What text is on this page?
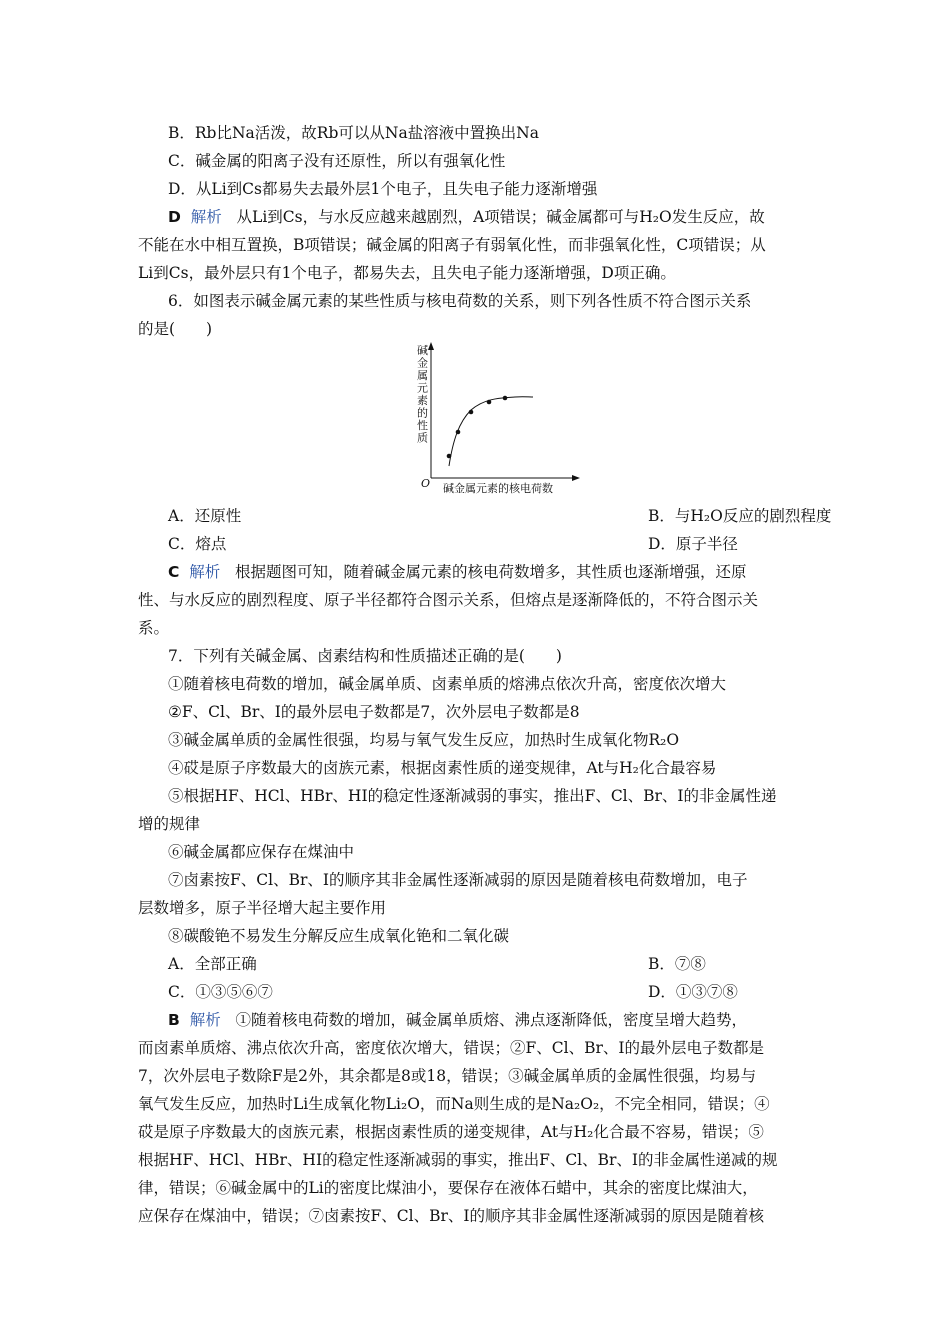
B．Rb比Na活泼，故Rb可以从Na盐溶液中置换出Na
C．碱金属的阳离子没有还原性，所以有强氧化性
D．从Li到Cs都易失去最外层1个电子，且失电子能力逐渐增强
D 解析 从Li到Cs，与水反应越来越剧烈，A项错误；碱金属都可与H₂O发生反应，故
不能在水中相互置换，B项错误；碱金属的阳离子有弱氧化性，而非强氧化性，C项错误；从
Li到Cs，最外层只有1个电子，都易失去，且失电子能力逐渐增强，D项正确。
6．如图表示碱金属元素的某些性质与核电荷数的关系，则下列各性质不符合图示关系
的是(　　)
碱金属元素的性质
O 碱金属元素的核电荷数
A．还原性	B．与H₂O反应的剧烈程度
C．熔点	D．原子半径
C 解析 根据题图可知，随着碱金属元素的核电荷数增多，其性质也逐渐增强，还原
性、与水反应的剧烈程度、原子半径都符合图示关系，但熔点是逐渐降低的，不符合图示关
系。
7．下列有关碱金属、卤素结构和性质描述正确的是(　　)
①随着核电荷数的增加，碱金属单质、卤素单质的熔沸点依次升高，密度依次增大
②F、Cl、Br、I的最外层电子数都是7，次外层电子数都是8
③碱金属单质的金属性很强，均易与氧气发生反应，加热时生成氧化物R₂O
④砹是原子序数最大的卤族元素，根据卤素性质的递变规律，At与H₂化合最容易
⑤根据HF、HCl、HBr、HI的稳定性逐渐减弱的事实，推出F、Cl、Br、I的非金属性递
增的规律
⑥碱金属都应保存在煤油中
⑦卤素按F、Cl、Br、I的顺序其非金属性逐渐减弱的原因是随着核电荷数增加，电子
层数增多，原子半径增大起主要作用
⑧碳酸铯不易发生分解反应生成氧化铯和二氧化碳
A．全部正确	B．⑦⑧
C．①③⑤⑥⑦	D．①③⑦⑧
B 解析 ①随着核电荷数的增加，碱金属单质熔、沸点逐渐降低，密度呈增大趋势，
而卤素单质熔、沸点依次升高，密度依次增大，错误；②F、Cl、Br、I的最外层电子数都是
7，次外层电子数除F是2外，其余都是8或18，错误；③碱金属单质的金属性很强，均易与
氧气发生反应，加热时Li生成氧化物Li₂O，而Na则生成的是Na₂O₂，不完全相同，错误；④
砹是原子序数最大的卤族元素，根据卤素性质的递变规律，At与H₂化合最不容易，错误；⑤
根据HF、HCl、HBr、HI的稳定性逐渐减弱的事实，推出F、Cl、Br、I的非金属性递减的规
律，错误；⑥碱金属中的Li的密度比煤油小，要保存在液体石蜡中，其余的密度比煤油大，
应保存在煤油中，错误；⑦卤素按F、Cl、Br、I的顺序其非金属性逐渐减弱的原因是随着核
